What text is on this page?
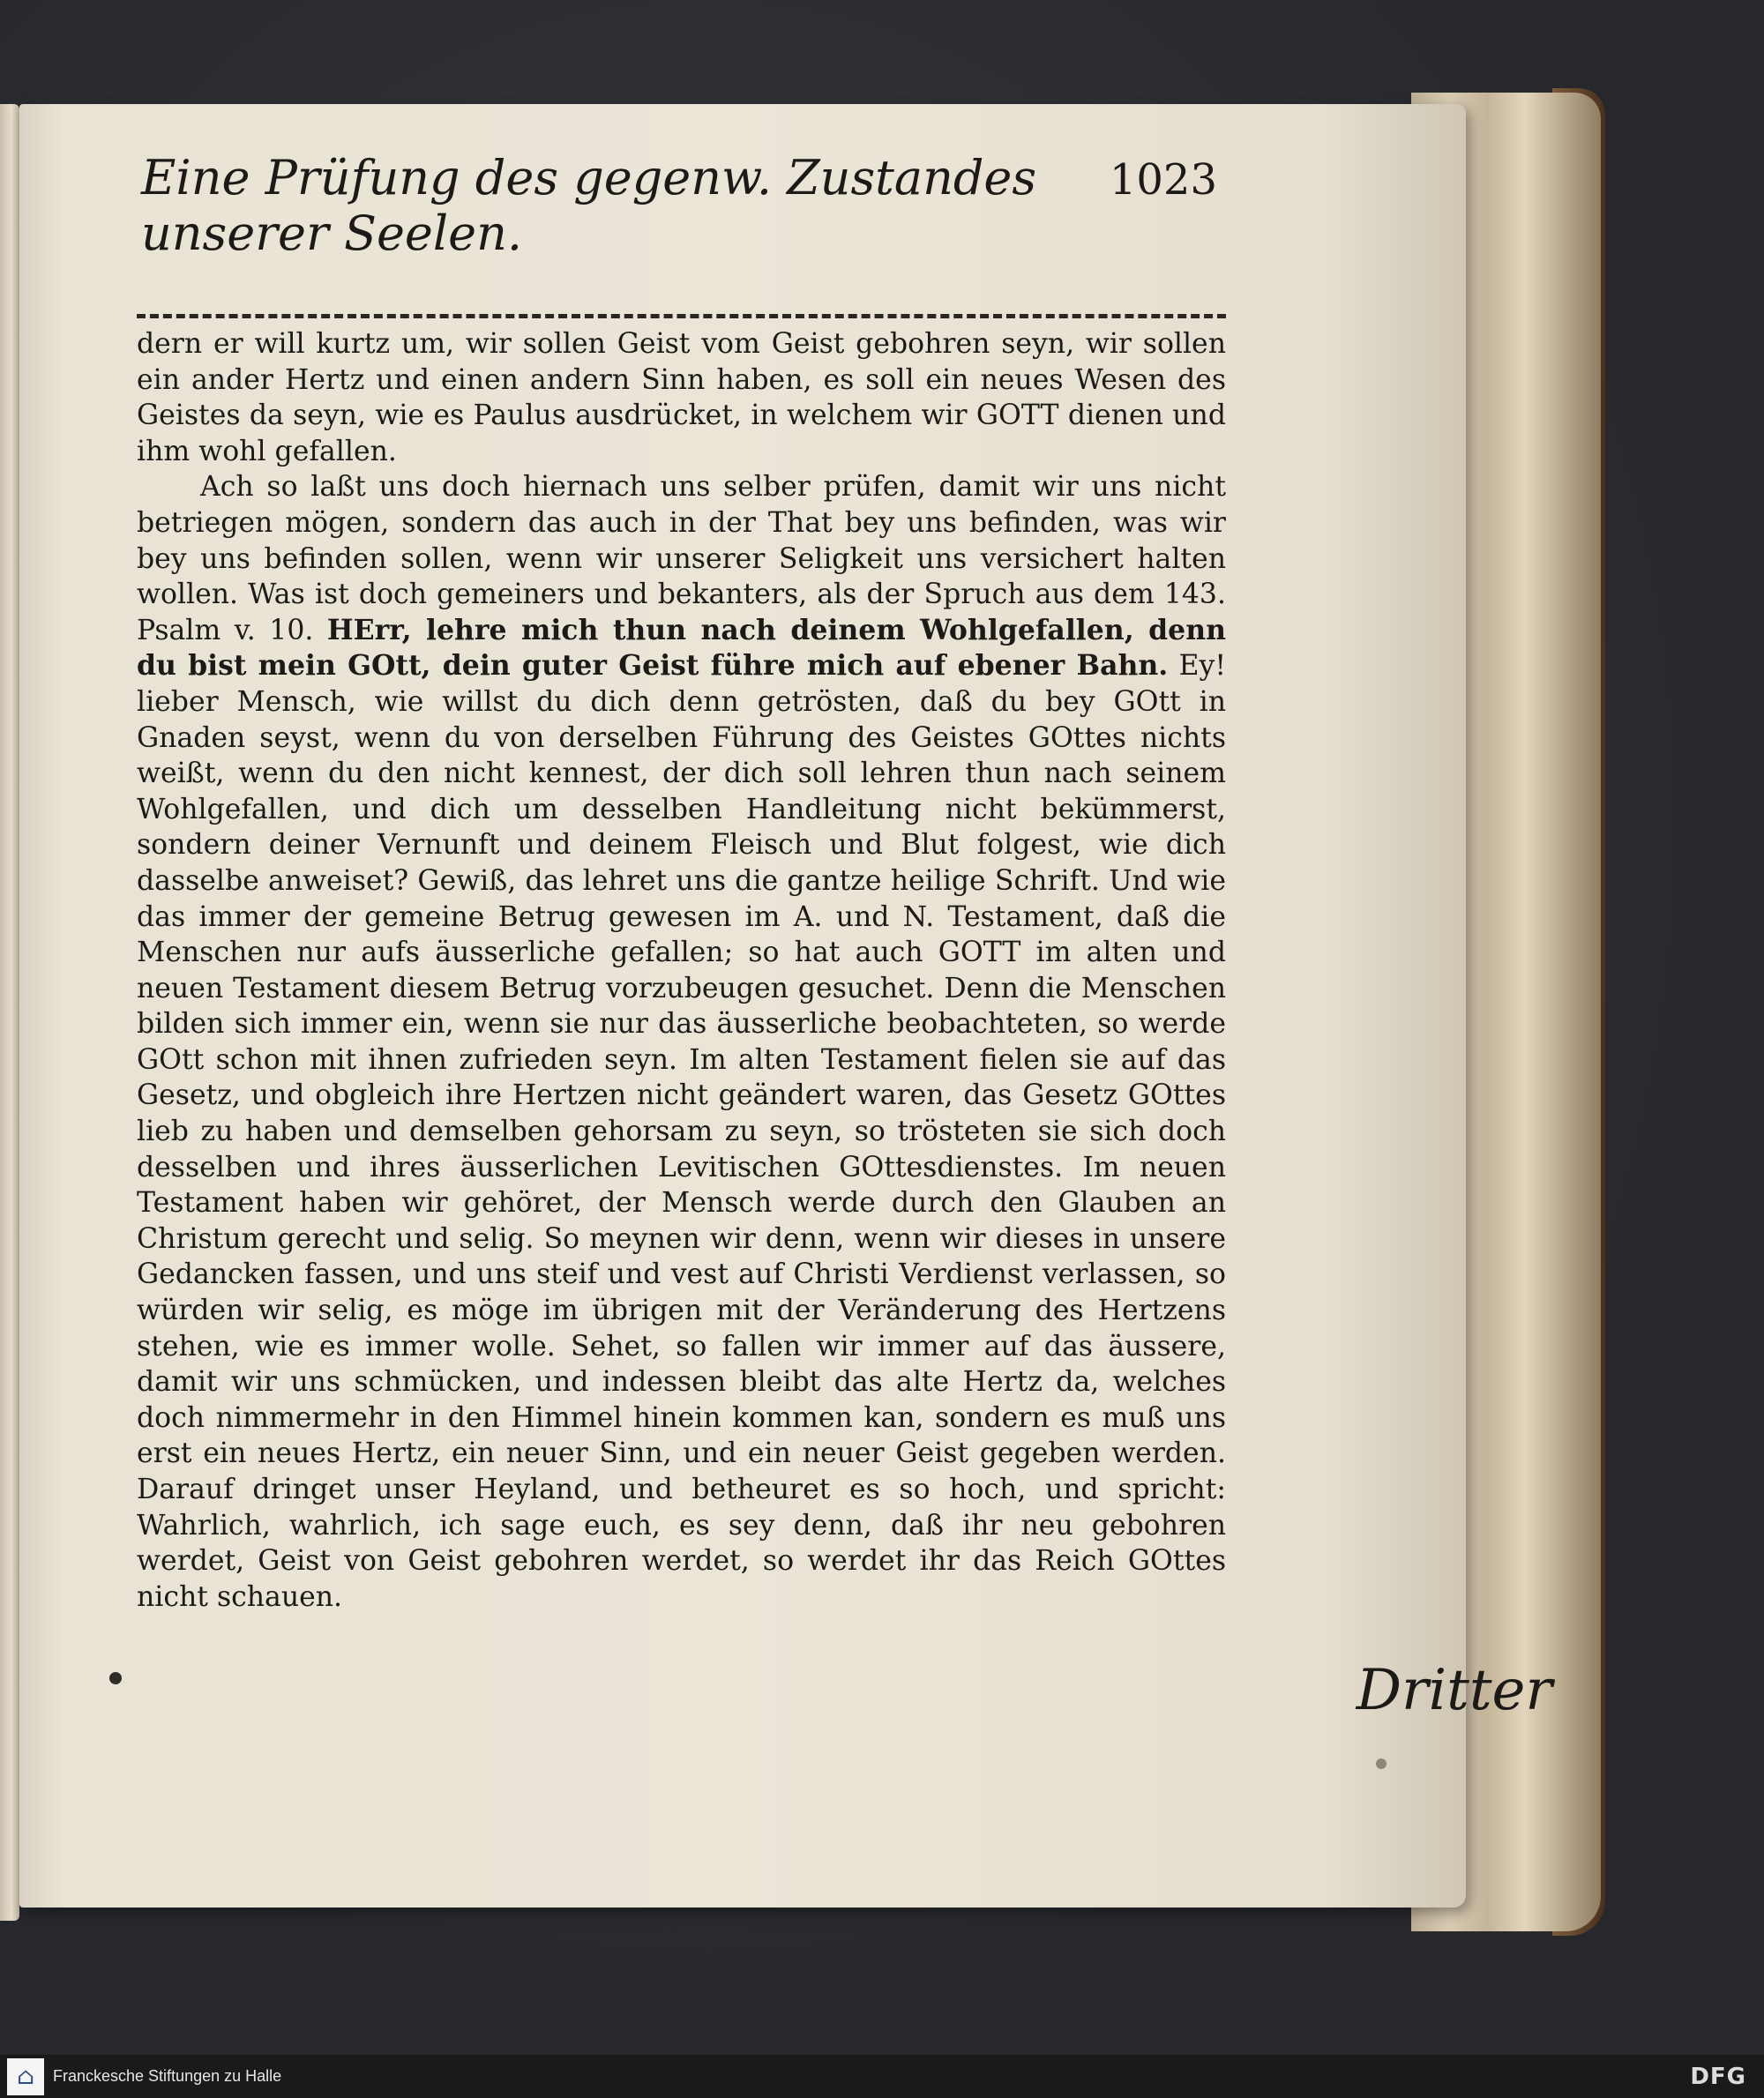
Eine Prüfung des gegenw. Zustandes unserer Seelen.
1023

dern er will kurtz um, wir sollen Geist vom Geist gebohren seyn, wir sollen ein ander Hertz und einen andern Sinn haben, es soll ein neues Wesen des Geistes da seyn, wie es Paulus ausdrücket, in welchem wir GOTT dienen und ihm wohl gefallen.

Ach so laßt uns doch hiernach uns selber prüfen, damit wir uns nicht betriegen mögen, sondern das auch in der That bey uns befinden, was wir bey uns befinden sollen, wenn wir unserer Seligkeit uns versichert halten wollen. Was ist doch gemeiners und bekanters, als der Spruch aus dem 143. Psalm v. 10. HErr, lehre mich thun nach deinem Wohlgefallen, denn du bist mein GOtt, dein guter Geist führe mich auf ebener Bahn. Ey! lieber Mensch, wie willst du dich denn getrösten, daß du bey GOtt in Gnaden seyst, wenn du von derselben Führung des Geistes GOttes nichts weißt, wenn du den nicht kennest, der dich soll lehren thun nach seinem Wohlgefallen, und dich um desselben Handleitung nicht bekümmerst, sondern deiner Vernunft und deinem Fleisch und Blut folgest, wie dich dasselbe anweiset? Gewiß, das lehret uns die gantze heilige Schrift. Und wie das immer der gemeine Betrug gewesen im A. und N. Testament, daß die Menschen nur aufs äusserliche gefallen; so hat auch GOTT im alten und neuen Testament diesem Betrug vorzubeugen gesuchet. Denn die Menschen bilden sich immer ein, wenn sie nur das äusserliche beobachteten, so werde GOtt schon mit ihnen zufrieden seyn. Im alten Testament fielen sie auf das Gesetz, und obgleich ihre Hertzen nicht geändert waren, das Gesetz GOttes lieb zu haben und demselben gehorsam zu seyn, so trösteten sie sich doch desselben und ihres äusserlichen Levitischen GOttesdienstes. Im neuen Testament haben wir gehöret, der Mensch werde durch den Glauben an Christum gerecht und selig. So meynen wir denn, wenn wir dieses in unsere Gedancken fassen, und uns steif und vest auf Christi Verdienst verlassen, so würden wir selig, es möge im übrigen mit der Veränderung des Hertzens stehen, wie es immer wolle. Sehet, so fallen wir immer auf das äussere, damit wir uns schmücken, und indessen bleibt das alte Hertz da, welches doch nimmermehr in den Himmel hinein kommen kan, sondern es muß uns erst ein neues Hertz, ein neuer Sinn, und ein neuer Geist gegeben werden. Darauf dringet unser Heyland, und betheuret es so hoch, und spricht: Wahrlich, wahrlich, ich sage euch, es sey denn, daß ihr neu gebohren werdet, Geist von Geist gebohren werdet, so werdet ihr das Reich GOttes nicht schauen.

Dritter
⌂	Franckesche Stiftungen zu Halle	DFG
